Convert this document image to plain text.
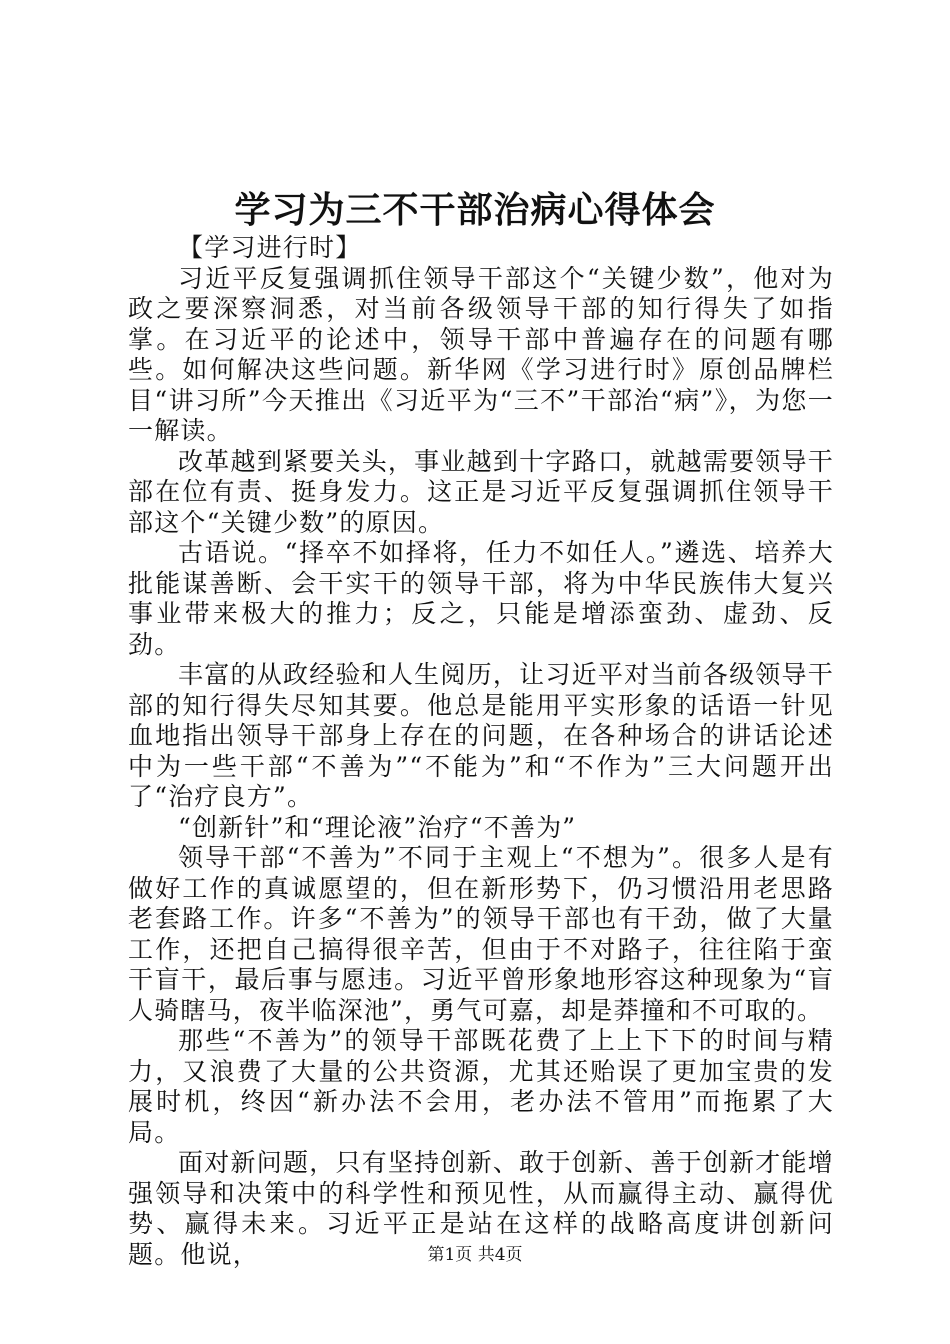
学习为三不干部治病心得体会

【学习进行时】

习近平反复强调抓住领导干部这个“关键少数”，他对为政之要深察洞悉，对当前各级领导干部的知行得失了如指掌。在习近平的论述中，领导干部中普遍存在的问题有哪些。如何解决这些问题。新华网《学习进行时》原创品牌栏目“讲习所”今天推出《习近平为“三不”干部治“病”》，为您一一解读。

改革越到紧要关头，事业越到十字路口，就越需要领导干部在位有责、挺身发力。这正是习近平反复强调抓住领导干部这个“关键少数”的原因。

古语说。“择卒不如择将，任力不如任人。”遴选、培养大批能谋善断、会干实干的领导干部，将为中华民族伟大复兴事业带来极大的推力；反之，只能是增添蛮劲、虚劲、反劲。

丰富的从政经验和人生阅历，让习近平对当前各级领导干部的知行得失尽知其要。他总是能用平实形象的话语一针见血地指出领导干部身上存在的问题，在各种场合的讲话论述中为一些干部“不善为”“不能为”和“不作为”三大问题开出了“治疗良方”。

“创新针”和“理论液”治疗“不善为”

领导干部“不善为”不同于主观上“不想为”。很多人是有做好工作的真诚愿望的，但在新形势下，仍习惯沿用老思路老套路工作。许多“不善为”的领导干部也有干劲，做了大量工作，还把自己搞得很辛苦，但由于不对路子，往往陷于蛮干盲干，最后事与愿违。习近平曾形象地形容这种现象为“盲人骑瞎马，夜半临深池”，勇气可嘉，却是莽撞和不可取的。

那些“不善为”的领导干部既花费了上上下下的时间与精力，又浪费了大量的公共资源，尤其还贻误了更加宝贵的发展时机，终因“新办法不会用，老办法不管用”而拖累了大局。

面对新问题，只有坚持创新、敢于创新、善于创新才能增强领导和决策中的科学性和预见性，从而赢得主动、赢得优势、赢得未来。习近平正是站在这样的战略高度讲创新问题。他说，	第1页 共4页
